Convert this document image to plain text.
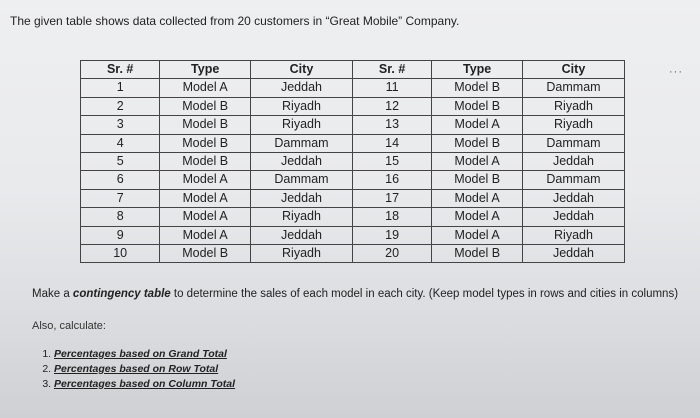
The given table shows data collected from 20 customers in “Great Mobile” Company.
···
Sr. #	Type	City	Sr. #	Type	City
1	Model A	Jeddah	11	Model B	Dammam
2	Model B	Riyadh	12	Model B	Riyadh
3	Model B	Riyadh	13	Model A	Riyadh
4	Model B	Dammam	14	Model B	Dammam
5	Model B	Jeddah	15	Model A	Jeddah
6	Model A	Dammam	16	Model B	Dammam
7	Model A	Jeddah	17	Model A	Jeddah
8	Model A	Riyadh	18	Model A	Jeddah
9	Model A	Jeddah	19	Model A	Riyadh
10	Model B	Riyadh	20	Model B	Jeddah
Make a contingency table to determine the sales of each model in each city. (Keep model types in rows and cities in columns)
Also, calculate:
1. Percentages based on Grand Total
2. Percentages based on Row Total
3. Percentages based on Column Total
